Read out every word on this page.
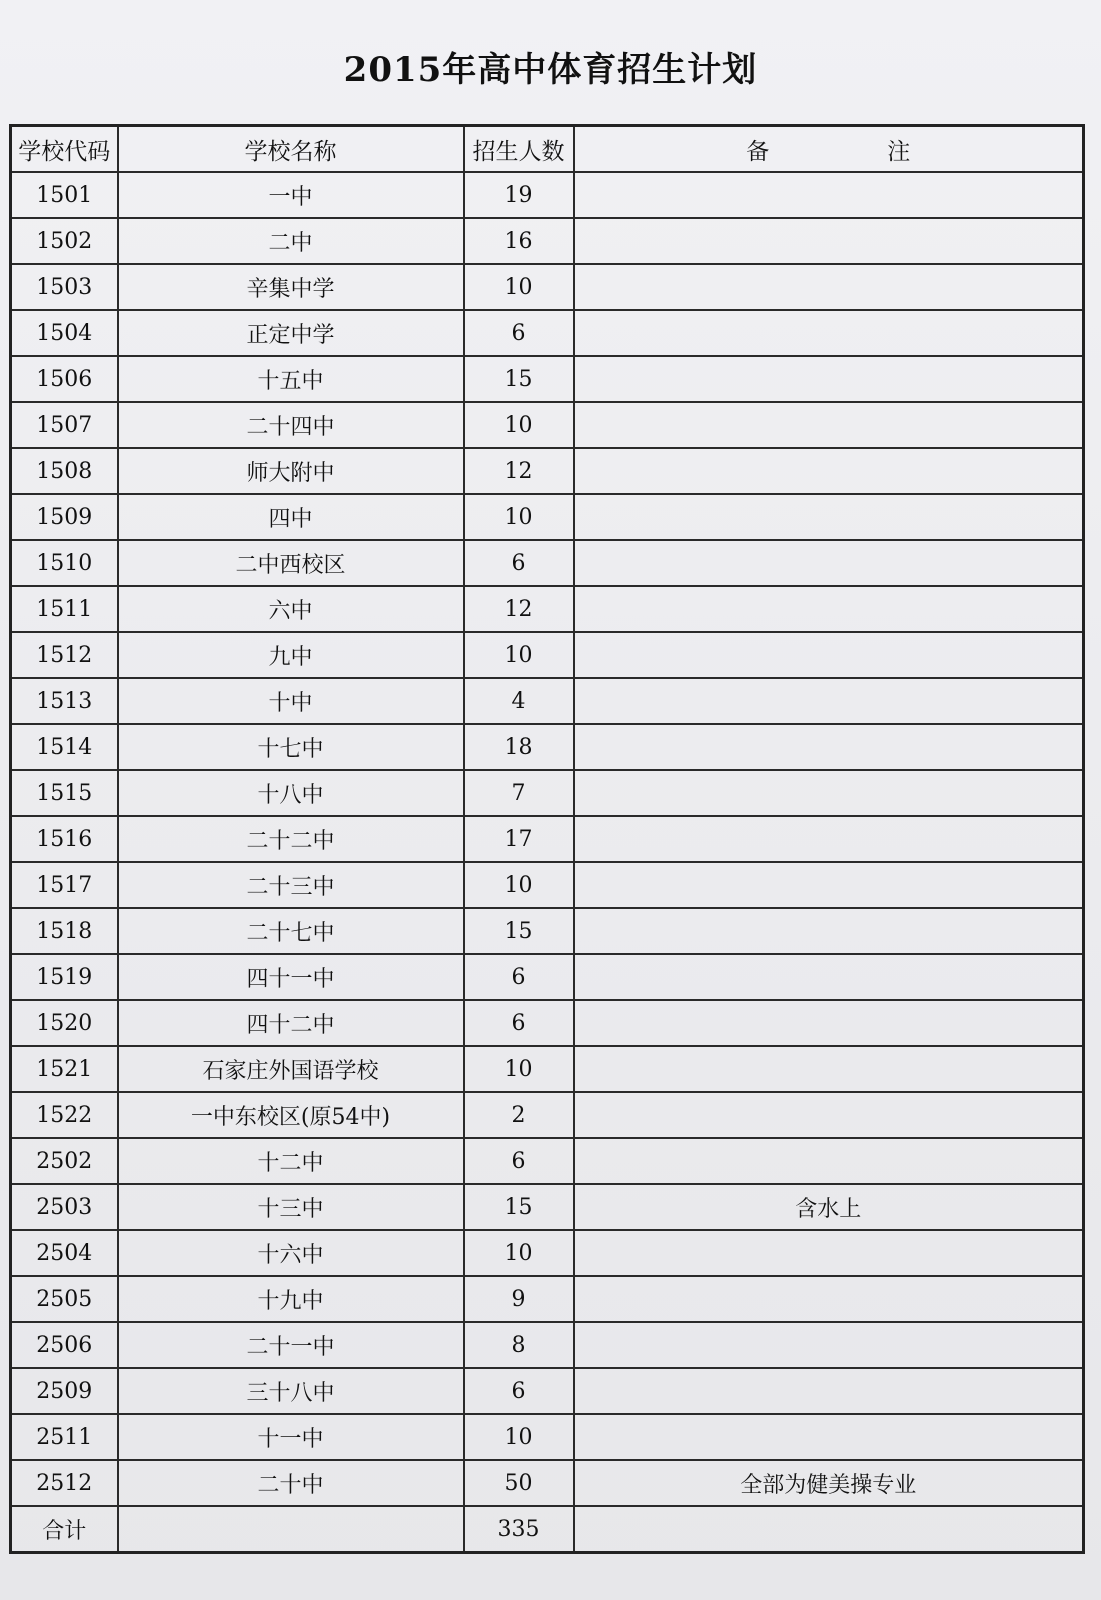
2015年高中体育招生计划
学校代码	学校名称	招生人数	备 注
1501	一中	19	
1502	二中	16	
1503	辛集中学	10	
1504	正定中学	6	
1506	十五中	15	
1507	二十四中	10	
1508	师大附中	12	
1509	四中	10	
1510	二中西校区	6	
1511	六中	12	
1512	九中	10	
1513	十中	4	
1514	十七中	18	
1515	十八中	7	
1516	二十二中	17	
1517	二十三中	10	
1518	二十七中	15	
1519	四十一中	6	
1520	四十二中	6	
1521	石家庄外国语学校	10	
1522	一中东校区(原54中)	2	
2502	十二中	6	
2503	十三中	15	含水上
2504	十六中	10	
2505	十九中	9	
2506	二十一中	8	
2509	三十八中	6	
2511	十一中	10	
2512	二十中	50	全部为健美操专业
合计		335	
